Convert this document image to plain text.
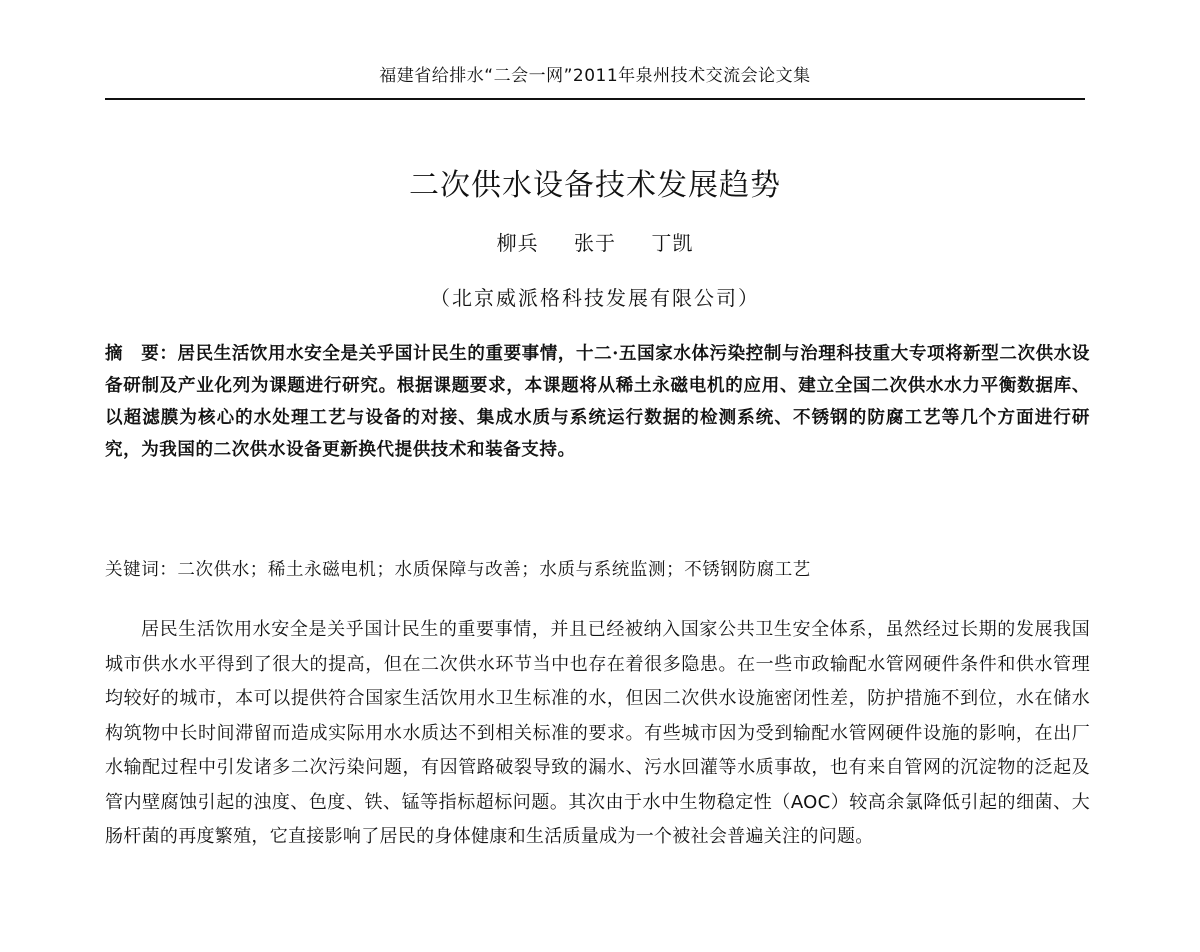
福建省给排水“二会一网”2011年泉州技术交流会论文集
二次供水设备技术发展趋势
柳兵 张于 丁凯
（北京威派格科技发展有限公司）
摘　要：居民生活饮用水安全是关乎国计民生的重要事情，十二·五国家水体污染控制与治理科技重大专项将新型二次供水设备研制及产业化列为课题进行研究。根据课题要求，本课题将从稀土永磁电机的应用、建立全国二次供水水力平衡数据库、以超滤膜为核心的水处理工艺与设备的对接、集成水质与系统运行数据的检测系统、不锈钢的防腐工艺等几个方面进行研究，为我国的二次供水设备更新换代提供技术和装备支持。
关键词：二次供水；稀土永磁电机；水质保障与改善；水质与系统监测；不锈钢防腐工艺

居民生活饮用水安全是关乎国计民生的重要事情，并且已经被纳入国家公共卫生安全体系，虽然经过长期的发展我国城市供水水平得到了很大的提高，但在二次供水环节当中也存在着很多隐患。在一些市政输配水管网硬件条件和供水管理均较好的城市，本可以提供符合国家生活饮用水卫生标准的水，但因二次供水设施密闭性差，防护措施不到位，水在储水构筑物中长时间滞留而造成实际用水水质达不到相关标准的要求。有些城市因为受到输配水管网硬件设施的影响，在出厂水输配过程中引发诸多二次污染问题，有因管路破裂导致的漏水、污水回灌等水质事故，也有来自管网的沉淀物的泛起及管内壁腐蚀引起的浊度、色度、铁、锰等指标超标问题。其次由于水中生物稳定性（AOC）较高余氯降低引起的细菌、大肠杆菌的再度繁殖，它直接影响了居民的身体健康和生活质量成为一个被社会普遍关注的问题。
